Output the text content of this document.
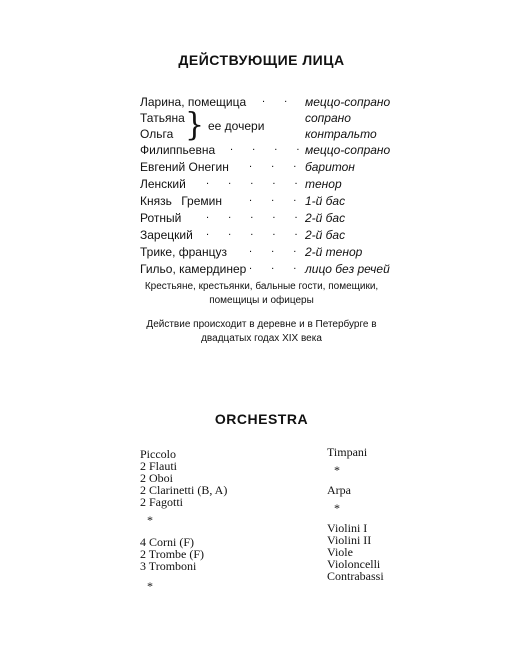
ДЕЙСТВУЮЩИЕ ЛИЦА
Ларина, помещица . . меццо-сопрано
Татьяна
Ольга } ее дочери
сопрано
контральто
Филиппьевна . . . .
меццо-сопрано
Евгений Онегин . . . баритон
Ленский . . . . . тенор
Князь Гремин . . . 1-й бас
Ротный . . . . . 2-й бас
Зарецкий . . . . . 2-й бас
Трике, француз . . . 2-й тенор
Гильо, камердинер . . . лицо без речей
Крестьяне, крестьянки, бальные гости, помещики,
помещицы и офицеры
Действие происходит в деревне и в Петербурге в
двадцатых годах XIX века
ORCHESTRA
Piccolo
2 Flauti
2 Oboi
2 Clarinetti (B, A)
2 Fagotti
*
4 Corni (F)
2 Trombe (F)
3 Tromboni
*
Timpani
*
Arpa
*
Violini I
Violini II
Viole
Violoncelli
Contrabassi
